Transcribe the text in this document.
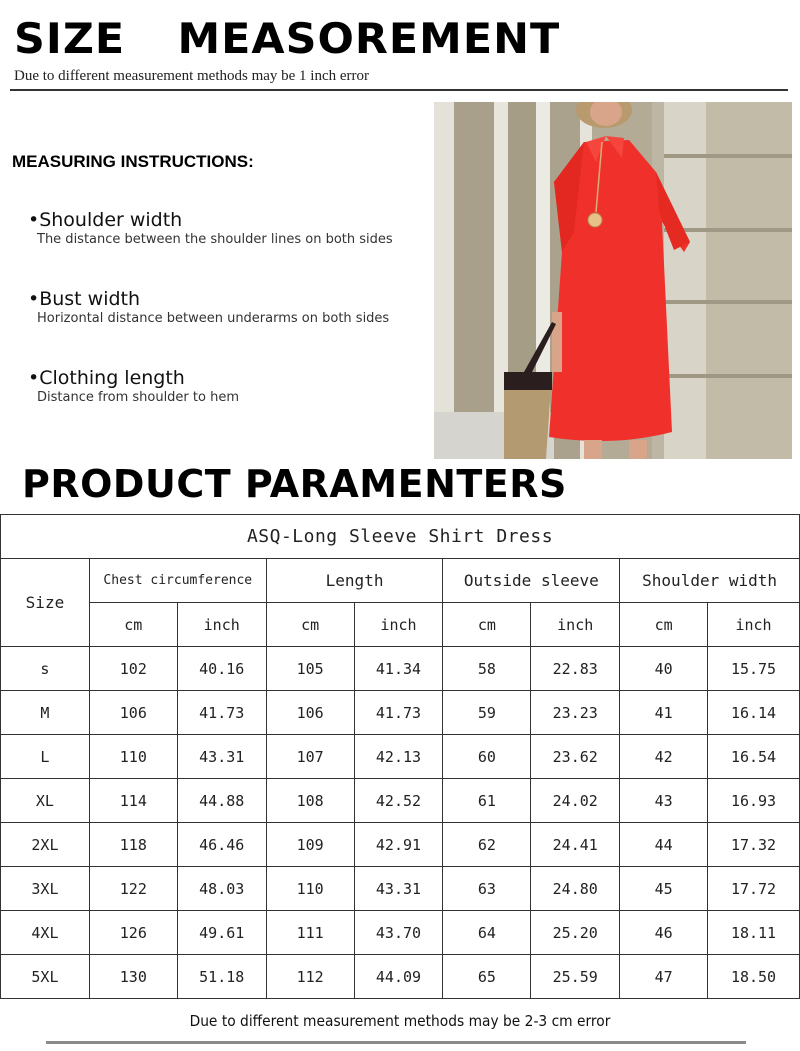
SIZE  MEASOREMENT
Due to different measurement methods may be 1 inch error
MEASURING INSTRUCTIONS:
•Shoulder width
The distance between the shoulder lines on both sides
•Bust width
Horizontal distance between underarms on both sides
•Clothing length
Distance from shoulder to hem
PRODUCT PARAMENTERS
ASQ-Long Sleeve Shirt Dress								
Size	Chest circumference		Length		Outside sleeve		Shoulder width	
	cm	inch	cm	inch	cm	inch	cm	inch
s	102	40.16	105	41.34	58	22.83	40	15.75
M	106	41.73	106	41.73	59	23.23	41	16.14
L	110	43.31	107	42.13	60	23.62	42	16.54
XL	114	44.88	108	42.52	61	24.02	43	16.93
2XL	118	46.46	109	42.91	62	24.41	44	17.32
3XL	122	48.03	110	43.31	63	24.80	45	17.72
4XL	126	49.61	111	43.70	64	25.20	46	18.11
5XL	130	51.18	112	44.09	65	25.59	47	18.50
Due to different measurement methods may be 2-3 cm error
